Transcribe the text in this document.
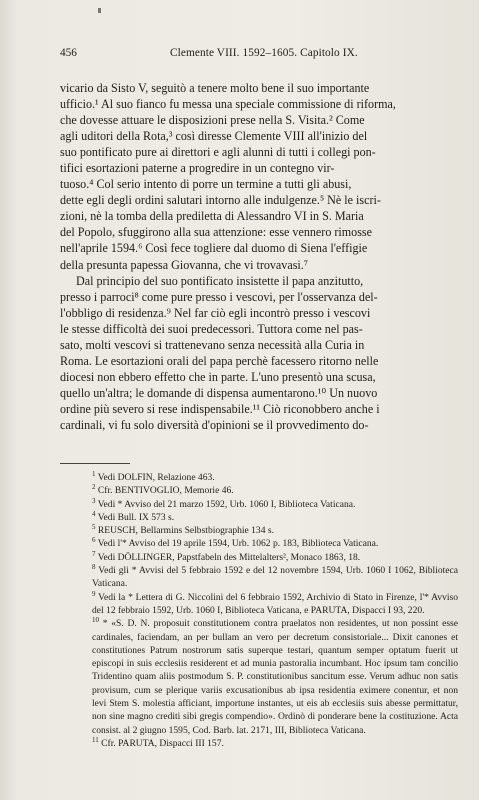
456	Clemente VIII. 1592–1605. Capitolo IX.
vicario da Sisto V, seguitò a tenere molto bene il suo importante
ufficio.¹ Al suo fianco fu messa una speciale commissione di riforma,
che dovesse attuare le disposizioni prese nella S. Visita.² Come
agli uditori della Rota,³ così diresse Clemente VIII all'inizio del
suo pontificato pure ai direttori e agli alunni di tutti i collegi pon-
tifici esortazioni paterne a progredire in un contegno vir-
tuoso.⁴ Col serio intento di porre un termine a tutti gli abusi,
dette egli degli ordini salutari intorno alle indulgenze.⁵ Nè le iscri-
zioni, nè la tomba della prediletta di Alessandro VI in S. Maria
del Popolo, sfuggirono alla sua attenzione: esse vennero rimosse
nell'aprile 1594.⁶ Così fece togliere dal duomo di Siena l'effigie
della presunta papessa Giovanna, che vi trovavasi.⁷
Dal principio del suo pontificato insistette il papa anzitutto,
presso i parroci⁸ come pure presso i vescovi, per l'osservanza del-
l'obbligo di residenza.⁹ Nel far ciò egli incontrò presso i vescovi
le stesse difficoltà dei suoi predecessori. Tuttora come nel pas-
sato, molti vescovi si trattenevano senza necessità alla Curia in
Roma. Le esortazioni orali del papa perchè facessero ritorno nelle
diocesi non ebbero effetto che in parte. L'uno presentò una scusa,
quello un'altra; le domande di dispensa aumentarono.¹⁰ Un nuovo
ordine più severo si rese indispensabile.¹¹ Ciò riconobbero anche i
cardinali, vi fu solo diversità d'opinioni se il provvedimento do-
$^1$ Vedi DOLFIN, Relazione 463.
$^2$ Cfr. BENTIVOGLIO, Memorie 46.
$^3$ Vedi * Avviso del 21 marzo 1592, Urb. 1060 I, Biblioteca Vaticana.
$^4$ Vedi Bull. IX 573 s.
$^5$ REUSCH, Bellarmins Selbstbiographie 134 s.
$^6$ Vedi l'* Avviso del 19 aprile 1594, Urb. 1062 p. 183, Biblioteca Vaticana.
$^7$ Vedi DÖLLINGER, Papstfabeln des Mittelalters², Monaco 1863, 18.
$^8$ Vedi gli * Avvisi del 5 febbraio 1592 e del 12 novembre 1594, Urb. 1060 I 1062, Biblioteca Vaticana.
$^9$ Vedi la * Lettera di G. Niccolini del 6 febbraio 1592, Archivio di Stato in Firenze, l'* Avviso del 12 febbraio 1592, Urb. 1060 I, Biblioteca Vaticana, e PARUTA, Dispacci I 93, 220.
$^{10}$ * «S. D. N. proposuit constitutionem contra praelatos non residentes, ut non possint esse cardinales, faciendam, an per bullam an vero per decretum consistoriale... Dixit canones et constitutiones Patrum nostrorum satis superque testari, quantum semper optatum fuerit ut episcopi in suis ecclesiis residerent et ad munia pastoralia incumbant. Hoc ipsum tam concilio Tridentino quam aliis postmodum S. P. constitutionibus sancitum esse. Verum adhuc non satis provisum, cum se plerique variis excusationibus ab ipsa residentia eximere conentur, et non levi Stem S. molestia afficiant, importune instantes, ut eis ab ecclesiis suis abesse permittatur, non sine magno crediti sibi gregis compendio». Ordinò di ponderare bene la costituzione. Acta consist. al 2 giugno 1595, Cod. Barb. lat. 2171, III, Biblioteca Vaticana.
$^{11}$ Cfr. PARUTA, Dispacci III 157.
